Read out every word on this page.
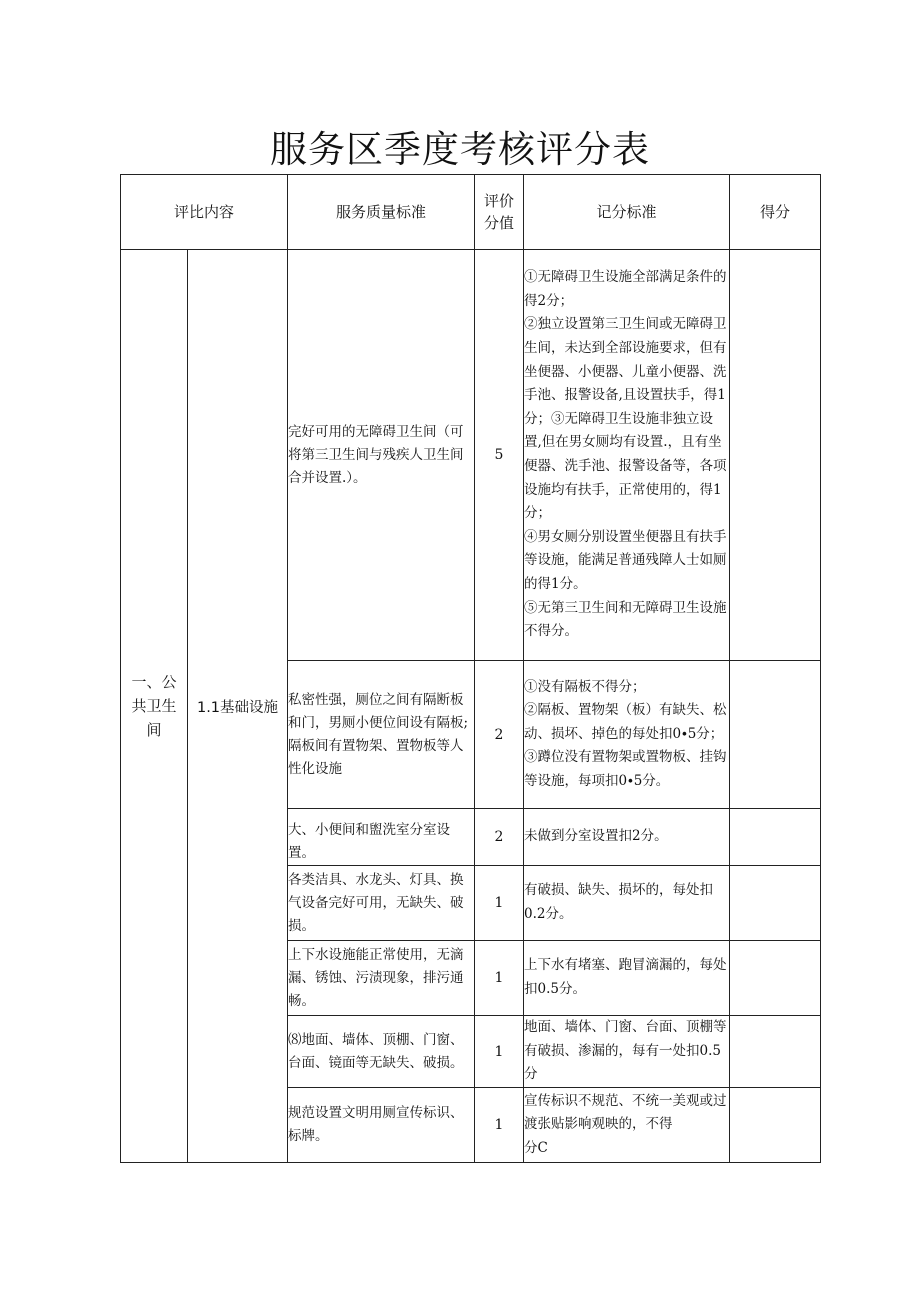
服务区季度考核评分表
评比内容		服务质量标准	评价分值	记分标准	得分
一、公共卫生间	1.1基础设施	完好可用的无障碍卫生间（可将第三卫生间与残疾人卫生间合并设置.）。	5	①无障碍卫生设施全部满足条件的得2分；
②独立设置第三卫生间或无障碍卫生间，未达到全部设施要求，但有坐便器、小便器、儿童小便器、洗手池、报警设备,且设置扶手，得1分；③无障碍卫生设施非独立设置,但在男女厕均有设置.，且有坐便器、洗手池、报警设备等，各项设施均有扶手，正常使用的，得1分；
④男女厕分别设置坐便器且有扶手等设施，能满足普通残障人士如厕的得1分。
⑤无第三卫生间和无障碍卫生设施不得分。	

		私密性强，厕位之间有隔断板和门，男厕小便位间设有隔板;隔板间有置物架、置物板等人性化设施	2	①没有隔板不得分；
②隔板、置物架（板）有缺失、松动、损坏、掉色的每处扣0∙5分；
③蹲位没有置物架或置物板、挂钩等设施，每项扣0∙5分。	

		大、小便间和盥洗室分室设置。	2	未做到分室设置扣2分。	

		各类洁具、水龙头、灯具、换气设备完好可用，无缺失、破损。	1	有破损、缺失、损坏的，每处扣0.2分。	

		上下水设施能正常使用，无滴漏、锈蚀、污渍现象，排污通畅。	1	上下水有堵塞、跑冒滴漏的，每处扣0.5分。	

		⑻地面、墙体、顶棚、门窗、台面、镜面等无缺失、破损。	1	地面、墙体、门窗、台面、顶棚等有破损、渗漏的，每有一处扣0.5分	

		规范设置文明用厕宣传标识、标牌。	1	宣传标识不规范、不统一美观或过渡张贴影响观映的，不得
分C	
